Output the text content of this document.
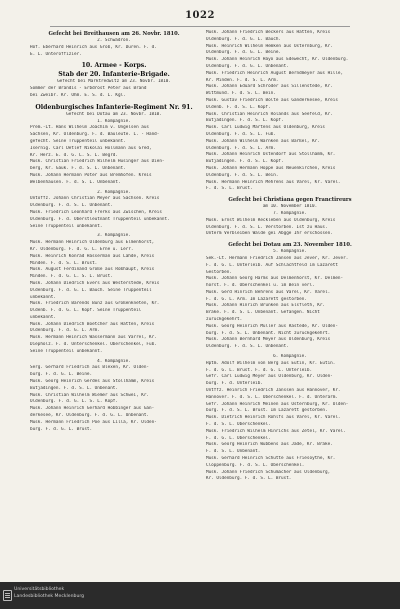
1022
Gefecht bei Breithausen am 26. Novbr. 1810.
2. Schwadron.
Hof. Eberhard Heinrich aus Groß, Kr. Düren. F. d.
E. L. Unteroffizier.
10. Armee - Korps.
Stab der 20. Infanterie-Brigade.
Gefecht bei Marktredwitz am 23. Novbr. 1810.
Sommer der Brandis - Erbdrost Peter aus Brand
bei Zweibr. Kr. Ohm. E. S. d. L. Kgl.
Oldenburgisches Infanterie-Regiment Nr. 91.
Gefecht bei Dotau am 23. Novbr. 1810.
1. Kompagnie.
Prem.-Lt. Hans Wilhelm Joachim v. Ungelsen aus
Sachsen, Kr. Oldenburg. F. d. Bauleute. L. - Hand-
gefecht. Seine Truppenteil unbekannt.
Isernig. Carl Detlef Nikolai Hollmann aus Gred,
Kr. Herz. E. d. G. L. S. L. Begrd.
Musk. Christian Friedrich Wilhelm Husinger aus Dien-
berg, Kr. Gauk. F. d. S. L. Unbenant.
Musk. Johann Hermann Pöter aus Bremhofen. Kreis
Welbenhausen. F. d. S. L. Unbenant.
2. Kompagnie.
Untoffz. Johann Christian Meyer aus Sachsen. Kreis
Oldenburg. F. d. S. L. Unbenant.
Musk. Friedrich Leonhard Frerks aus Zwischen, Kreis
Oldenburg. F. d. Oberstleutnant Truppenteil unbekannt.
Seine Truppenteil unbekannt.
3. Kompagnie.
Musk. Hermann Heinrich Oldenburg aus Elmenhorst,
Kr. Oldenburg. F. d. G. L. Erne u. Lerr.
Musk. Heinrich Konrad Hasserman aus Lahde, Kreis
Minden. F. d. S. L. Brust.
Musk. August Ferdinand Große aus Roßhaupt, Kreis
Minden. F. d. G. L. S. L. Brust.
Musk. Johann Diedrich Evers aus Westerstede, Kreis
Oldenburg. F. d. G. L. Bauch. Seine Truppenteil
unbekannt.
Musk. Friedrich Barends Bünz aus Großenkneten, Kr.
Oldenb. F. d. G. L. Kopf. Seine Truppenteil
unbekannt.
Musk. Johann Diedrich Boetcher aus Hatten, Kreis
Oldenburg. F. d. G. L. Arm.
Musk. Hermann Heinrich Wassermann aus Varrel, Kr.
Diepholz. F. d. Unterschenkel. Oberschenkel, Fuß.
Seine Truppenteil unbekannt.
4. Kompagnie.
Serg. Gerhard Friedrich aus Blexen, Kr. Olden-
burg. F. d. G. L. Beine.
Musk. Georg Heinrich Gerdes aus Stollhamm, Kreis
Butjadingen. F. d. S. L. Unbenant.
Musk. Christian Wilhelm Wiemer aus Schwei, Kr.
Oldenburg. F. d. G. L. S. L. Kopf.
Musk. Johann Heinrich Gerhard Hobbinger aus Gan-
derkesee, Kr. Oldenburg. F. d. G. L. Unbenant.
Musk. Hermann Friedrich Poe aus Lilla, Kr. Olden-
burg. F. d. G. L. Brust.
Musk. Johann Friedrich Beckers aus Hatten, Kreis
Oldenburg. F. d. G. L. Bauch.
Musk. Heinrich Wilhelm Hemken aus Osternburg, Kr.
Oldenburg. F. d. G. L. Beine.
Musk. Johann Heinrich Hayo aus Edewecht, Kr. Oldenburg.
Oldenburg. F. d. G. L. Unbenant.
Musk. Friedrich Heinrich August Berndmeyer aus Hille,
Kr. Minden. F. d. S. L. Arm.
Musk. Johann Eduard Schröder aus Sillenstede, Kr.
Wittmund. F. d. S. L. Bein.
Musk. Gustav Friedrich Bolte aus Ganderkesee, Kreis
Oldenb. F. d. S. L. Kopf.
Musk. Christian Heinrich Rolands aus Seefeld, Kr.
Butjadingen. F. d. S. L. Kopf.
Musk. Carl Ludwig Martens aus Oldenburg, Kreis
Oldenburg. F. d. S. L. Fuß.
Musk. Johann Wilhelm Warnken aus Barßel, Kr.
Oldenburg. F. d. S. L. Arm.
Musk. Johann Heinrich Ostendorf aus Stollhamm, Kr.
Butjadingen. F. d. S. L. Kopf.
Musk. Johann Hermann Hoppe aus Neuenkirchen, Kreis
Oldenburg. F. d. S. L. Bein.
Musk. Hermann Heinrich Mehrens aus Varel, Kr. Varel.
F. d. S. L. Brust.
Gefecht bei Christiana gegen Franctireurs
am 10. November 1810.
7. Kompagnie.
Musk. Ernst Wilhelm Reckleben aus Oldenburg, Kreis
Oldenburg. F. d. S. L. Verstorben. Ist zu Haus.
Unterm Verbleiben Walde gei Abgge Ihr erschossen.
Gefecht bei Dotau am 23. November 1810.
5. Kompagnie.
Sek.-Lt. Hermann Friedrich Jansen aus Jever, Kr. Jever.
F. d. G. L. Unterleib. Auf Schlachtfeld im Lazarett
Gestorben.
Musk. Johann Georg Harms aus Delmenhorst, Kr. Delmen-
horst. F. d. Oberschenkel u. im Bein verl.
Musk. Gerd Hinrich Behrens aus Varel, Kr. Varel.
F. d. G. L. Arm. Im Lazarett gestorben.
Musk. Johann Hinrich Brunken aus Elsfleth, Kr.
Brake. F. d. S. L. Unbenant. Gefangen. Nicht
zurückgekehrt.
Musk. Georg Heinrich Müller aus Rastede, Kr. Olden-
burg. F. d. S. L. Unbenant. Nicht zurückgekehrt.
Musk. Johann Bernhard Meyer aus Oldenburg, Kreis
Oldenburg. F. d. S. L. Unbenant.
6. Kompagnie.
Hptm. Adolf Wilhelm von Berg aus Eutin, Kr. Eutin.
F. d. G. L. Brust. F. d. G. L. Unterleib.
Gefr. Carl Ludwig Meyer aus Oldenburg, Kr. Olden-
burg. F. d. Unterleib.
Untffz. Heinrich Friedrich Janssen aus Hannover, Kr.
Hannover. F. d. S. L. Oberschenkel. F. d. Unterarm.
Gefr. Johann Heinrich Meinen aus Osternburg, Kr. Olden-
burg. F. d. S. L. Brust. Im Lazarett gestorben.
Musk. Dietrich Heinrich Rohlfs aus Varel, Kr. Varel.
F. d. S. L. Oberschenkel.
Musk. Friedrich Wilhelm Hinrichs aus Zetel, Kr. Varel.
F. d. G. L. Oberschenkel.
Musk. Georg Heinrich Wübbens aus Jade, Kr. Brake.
F. d. S. L. Unbenant.
Musk. Gerhard Heinrich Schütte aus Friesoythe, Kr.
Cloppenburg. F. d. S. L. Oberschenkel.
Musk. Johann Friedrich Schumacher aus Oldenburg,
Kr. Oldenburg. F. d. S. L. Brust.
Universitätsbibliothek
Landesbibliothek Mecklenburg
